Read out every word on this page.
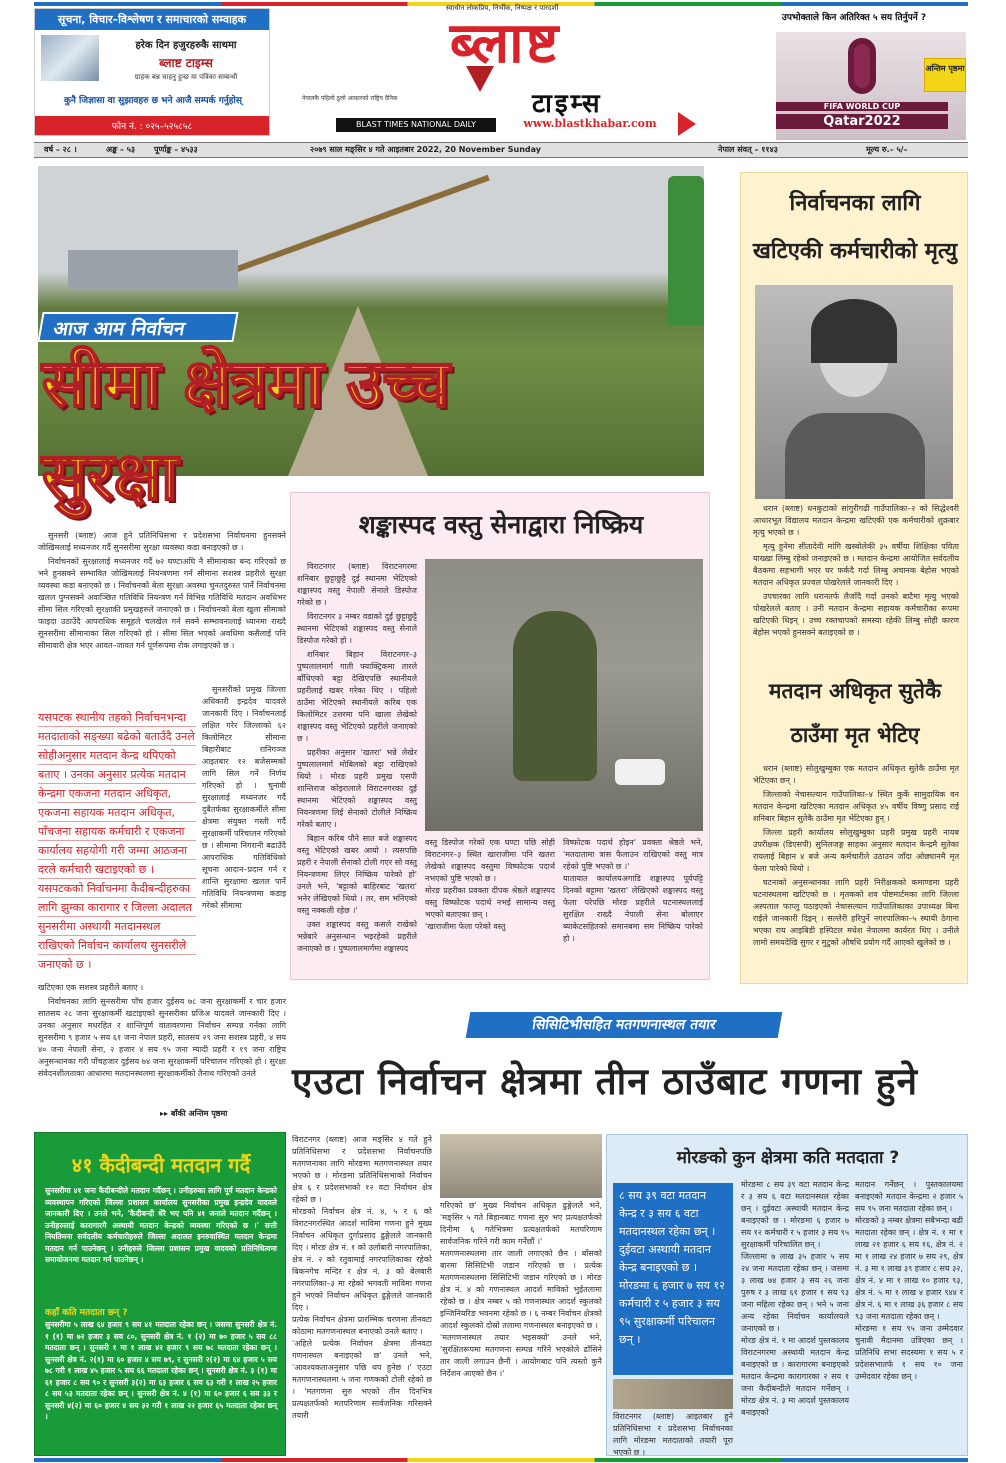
सूचना, विचार–विश्लेषण र समाचारको सम्वाहक
हरेक दिन हजुरहरुकै साथमा
ब्लाष्ट टाइम्स
ग्राहक बन्न चाहनु हुन्छ या पत्रिका सम्बन्धी
कुनै जिज्ञासा वा सुझावहरु छ भने आजै सम्पर्क गर्नुहोस्
फोन नं. : ०२५–५२५८५८
स्वाधीन लोकप्रिय, निर्भीक, निष्पक्ष र पारदर्शी
ब्लाष्ट
नेपालकै पहिलो ठूलो आकारको राष्ट्रिय दैनिक	टाइम्स
BLAST TIMES NATIONAL DAILY	www.blastkhabar.com
उपभोक्ताले किन अतिरिक्त ५ सय तिर्नुपर्ने ?
FIFA WORLD CUP
Qatar2022
अन्तिम पृष्ठमा
वर्ष – २८ ।	अङ्क – ५३ पूर्णाङ्क – ४५३३	२०७९ साल मङ्सिर ४ गते आइतबार 2022, 20 November Sunday	नेपाल संवत् – ११४३	मूल्य रु.– ५/–
आज आम निर्वाचन
सीमा क्षेत्रमा उच्च
सुरक्षा

सुनसरी (ब्लाष्ट) आज हुने प्रतिनिधिसभा र प्रदेशसभा निर्वाचनमा हुनसक्ने जोखिमलाई मध्यनजर गर्दै सुनसरीमा सुरक्षा व्यवस्था कडा बनाइएको छ ।

निर्वाचनको सुरक्षालाई मध्यनजर गर्दै ७२ घण्टाअघि नै सीमानाका बन्द गरिएको छ भने हुनसक्ने सम्भावित जोखिमलाई नियन्त्रणमा गर्न सीमाना सशस्त्र प्रहरीले सुरक्षा व्यवस्था कडा बनाएको छ । निर्वाचनको बेला सुरक्षा अवस्था चुनतदुरुस्त पार्ने निर्वाचनमा खलल पुग्नसक्ने अवाञ्छित गतिविधि नियन्त्रण गर्न विभिन्न गतिविधि मतदान अवधिभर सीमा सिल गरिएको सुरक्षाकी प्रमुखहरुले जनाएको छ । निर्वाचनको बेला खुला सीमाको फाइदा उठाउँदै आपराधिक समूहले चलखेल गर्न सक्ने सम्भावनालाई ध्यानमा राख्दै सुनसरीमा सीमानाका सिल गरिएको हो । सीमा सिल भएको अवधिमा कसैलाई पनि सीमावारी क्षेत्र भएर आवत–जावत गर्न पूर्णरूपमा रोक लगाइएको छ ।

सुनसरीको प्रमुख जिल्ला अधिकारी इन्द्रदेव यादवले जानकारी दिए । निर्वाचनलाई लक्षित गरेर जिल्लाको ६२ किलोमिटर सीमाना बिहारीबाट रानिगञ्ज आइतबार १२ बजेसम्मको लागि सिल गर्ने निर्णय गरिएको हो । चुनावी सुरक्षालाई मध्यनजर गर्दै दुबैतर्फका सुरक्षाकर्मीले सीमा क्षेत्रमा संयुक्त गस्ती गर्दै सुरक्षाकर्मी परिचालन गरिएको छ । सीमामा निगरानी बढाउँदै आपराधिक गतिविधिको सूचना आदान–प्रदान गर्न र शान्ति सुरक्षामा खलल पार्ने गतिविधि नियन्त्रणमा कडाइ गरेको सीमामा

यसपटक स्थानीय तहको निर्वाचनभन्दा मतदाताको सङ्ख्या बढेको बताउँदै उनले सोहीअनुसार मतदान केन्द्र थपिएको बताए । उनका अनुसार प्रत्येक मतदान केन्द्रमा एकजना मतदान अधिकृत, एकजना सहायक मतदान अधिकृत, पाँचजना सहायक कर्मचारी र एकजना कार्यालय सहयोगी गरी जम्मा आठजना दरले कर्मचारी खटाइएको छ । यसपटकको निर्वाचनमा कैदीबन्दीहरुका लागि झुम्का कारागार र जिल्ला अदालत सुनसरीमा अस्थायी मतदानस्थल राखिएको निर्वाचन कार्यालय सुनसरीले जनाएको छ ।

खटिएका एक सशस्त्र प्रहरीले बताए ।

निर्वाचनका लागि सुनसरीमा पाँच हजार दुईसय ७८ जना सुरक्षाकर्मी र चार हजार सातसय २८ जना सुरक्षाकर्मी खटाइएको सुनसरीका प्रजिअ यादवले जानकारी दिए । उनका अनुसार मधरहित र शान्तिपूर्ण वातावरणमा निर्वाचन सम्पन्न गर्नका लागि सुनसरीमा ९ हजार ५ सय ६१ जना नेपाल प्रहरी, सातसय २९ जना सशस्त्र प्रहरी, ४ सय ४० जना नेपाली सेना, २ हजार ४ सय ९५ जना म्यादी प्रहरी र १९ जना राष्ट्रिय अनुसन्धानका गरी पाँचहजार दुईसय ७४ जना सुरक्षाकर्मी परिचालन गरिएको हो । सुरक्षा संवेदनशीलताका आधारमा मतदानस्थलमा सुरक्षाकर्मीको तैनाथ गरिएको उनले

▸▸ बाँकी अन्तिम पृष्ठमा
शङ्कास्पद वस्तु सेनाद्वारा निष्क्रिय

विराटनगर (ब्लाष्ट) विराटनगरमा शनिबार छुट्टाछुट्टै दुई स्थानमा भेटिएको शङ्कास्पद वस्तु नेपाली सेनाले डिस्पोज गरेको छ ।

विराटनगर ३ नम्बर वडाको दुई छुट्टाछुट्टै स्थानमा भेटिएको शङ्कास्पद वस्तु सेनाले डिस्पोज गरेको हो ।

शनिबार बिहान विराटनगर–३ पुष्पलालमार्ग गाती फ्याक्ट्रिकमा तारले बाँधिएको बट्टा देखिएपछि स्थानीयले प्रहरीलाई खबर गरेका थिए । पहिलो ठाउँमा भेटिएको स्थानीयले करिब एक किलोमिटर उत्तरमा पनि खाला लेखेको शङ्कास्पद वस्तु भेटिएको प्रहरीले जनाएको छ ।

प्रहरीका अनुसार 'खतरा' भन्ने लेखेर पुष्पलालमार्ग मोबिलको बट्टा राखिएको थियो । मोरङ प्रहरी प्रमुख एसपी शान्तिराज कोइरालाले विराटनगरका दुई स्थानमा भेटिएको शङ्कास्पद वस्तु नियन्त्रणमा लिई सेनाको टोलीले निष्क्रिय गरेको बताए ।

बिहान करिब पौने सात बजे शङ्कास्पद वस्तु भेटिएको खबर आयो । त्यसपछि प्रहरी र नेपाली सेनाको टोली गएर सो वस्तु नियन्त्रणमा लिएर निष्क्रिय पारेको हो' उनले भने, 'बट्टाको बाहिरबाट 'खतरा' भनेर लेखिएको थियो । तर, सम भनिएको वस्तु नक्कली रहेछ ।'

उक्त शङ्कास्पद वस्तु कसले राखेको भन्नेबारे अनुसन्धान भइरहेको प्रहरीले जनाएको छ । पुष्पलालमार्गमा शङ्कास्पद

वस्तु डिस्पोज गरेको एक घण्टा पछि सोही विराटनगर–३ स्थित खाराजीमा पनि खतरा लेखेको शङ्कास्पद वस्तुमा विष्फोटक पदार्थ नभएको पुष्टि भएको छ ।
मोरङ प्रहरीका प्रवक्ता दीपक श्रेष्ठले शङ्कास्पद वस्तु विष्फोटक पदार्थ नभई सामान्य वस्तु भएको बताएका छन् ।
'खाराजीमा फेला परेको वस्तु
विष्फोटक पदार्थ होइन' प्रवक्ता श्रेष्ठले भने, 'मतदातामा त्रास फैलाउन राखिएको वस्तु मात्र रहेको पुष्टि भएको छ ।'
यातायात कार्यालयअगाडि शङ्कास्पद पूर्वपट्टि दिनको बट्टामा 'खतरा' लेखिएको शङ्कास्पद वस्तु फेला परेपछि मोरङ प्रहरीले घटनास्थललाई सुरक्षित राख्दै नेपाली सेना बोलाएर ब्याकेटसहितको समानबमा सम निष्क्रिय पारेको हो ।
निर्वाचनका लागि
खटिएकी कर्मचारीको मृत्यु

धरान (ब्लाष्ट) धनकुटाको सांगुरीगढी गाउँपालिका–२ को सिद्धेश्वरी आधारभूत विद्यालय मतदान केन्द्रमा खटिएकी एक कर्मचारीको शुक्रबार मृत्यु भएको छ ।

मृत्यु हुनेमा सीतादेवी मांगि खस्बोलेकी ३५ वर्षीया शिक्षिका पविता याख्खा लिम्बु रहेको जनाइएको छ । मतदान केन्द्रमा आयोजित सर्वदलीय बैठकमा सहभागी भएर घर फर्कदै गर्दा लिम्बु अचानक बेहोस भएको मतदान अधिकृत प्रज्वल पोखरेलले जानकारी दिए ।

उपचारका लागि धरानतर्फ लैजाँदै गर्दा उनको बाटैमा मृत्यु भएको पोखरेलले बताए । उनी मतदान केन्द्रमा सहायक कर्मचारीका रूपमा खटिएकी थिइन् । उच्च रक्तचापको समस्या रहेकी लिम्बु सोही कारण बेहोस भएको हुनसक्ने बताइएको छ ।

मतदान अधिकृत सुतेकै
ठाउँमा मृत भेटिए

धरान (ब्लाष्ट) सोलुखुम्बुका एक मतदान अधिकृत सुतेकै ठाउँमा मृत भेटिएका छन् ।

जिल्लाको नेचासल्यान गाउँपालिका–४ स्थित कुर्के सामुदायिक वन मतदान केन्द्रमा खटिएका मतदान अधिकृत ४५ वर्षीय विष्णु प्रसाद राई शनिबार बिहान सुतेकै ठाउँमा मृत भेटिएका हुन् ।

जिल्ला प्रहरी कार्यालय सोलुखुम्बुका प्रहरी प्रमुख प्रहरी नायब उपरीक्षक (डिएसपी) सुनिलजङ्ग साहका अनुसार मतदान केन्द्रमै सुतेका रायलाई बिहान ४ बजे अन्य कर्मचारीले उठाउन जाँदा ओछ्यानमै मृत फेला पारेको थियो ।

घटनाको अनुसन्धानका लागि प्रहरी निरीक्षकको कमाण्डमा प्रहरी घटनास्थलमा खटिएको छ । मृतकको शव पोष्टमार्टमका लागि जिल्ला अस्पताल फाप्लु पठाइएको नेचासल्यान गाउँपालिकाका उपाध्यक्ष बिना राईले जानकारी दिइन् । सल्लेरी हरिपुर्ने नगरपालिका–५ स्थायी ठेगाना भएका राय आइबिडी हस्पिटल मधेश नेपालमा कार्यरत थिए । उनीले लामो समयदेखि सुगर र मुटुको औषधि प्रयोग गर्दै आएको खुलेको छ ।

सिसिटिभीसहित मतगणनास्थल तयार
एउटा निर्वाचन क्षेत्रमा तीन ठाउँबाट गणना हुने
विराटनगर (ब्लाष्ट) आज मङ्सिर ४ गते हुने प्रतिनिधिसभा र प्रदेशसभा निर्वाचनपछि मतगणनाका लागि मोरङमा मतगणनास्थल तयार भएको छ । मोरङमा प्रतिनिधिसभाको निर्वाचन क्षेत्र ६ र प्रदेशसभाको १२ वटा निर्वाचन क्षेत्र रहेको छ ।
मोरङको निर्वाचन क्षेत्र नं. ४, ५ र ६ को विराटनगरस्थित आदर्श माविमा गणना हुने मुख्य निर्वाचन अधिकृत दुर्गाप्रसाद ढुङ्गेलले जानकारी दिए । मोरङ क्षेत्र नं. १ को उर्लाबारी नगरपालिका, क्षेत्र नं. २ को रतुवामाई नगरपालिकाका रहेको बिकनगेच मन्दिर र क्षेत्र नं. ३ को बेलबारी नगरपालिका–३ मा रहेको भगवती माविमा गणना हुने भएको निर्वाचन अधिकृत ढुङ्गेलले जानकारी दिए ।
प्रत्येक निर्वाचन क्षेत्रमा प्रारम्भिक चरणमा तीनवटा कोठामा मतगणनास्थल बनाएको उनले बताए ।
'अहिले प्रत्येक निर्वाचन क्षेत्रमा तीनवटा गणनास्थल बनाइएको छ' उनले भने, 'आवश्यकताअनुसार पछि थप हुनेछ ।' एउटा मतगणनास्थलमा ५ जना गणकको टोली रहेको छ । 'मतगणना सुरु भएको तीन दिनभित्र प्रत्यक्षतर्फको मतपरिणाम सार्वजनिक गरिसक्ने तयारी
गरिएको छ' मुख्य निर्वाचन अधिकृत ढुङ्गेलले भने, 'मङ्सिर ५ गते बिहानबाट गणना सुरु भए प्रत्यक्षतर्फको दिनीमा ६ गतेभित्रमा प्रत्यक्षतर्फको मतपरिणाम सार्वजनिक गरिने गरी काम गर्नेछौं ।'
मतगणनास्थलमा तार जाली लगाएको छैन । बाँसको बारमा सिसिटिभी जडान गरिएको छ । प्रत्येक मतगणनास्थलमा सिसिटिभी जडान गरिएको छ । मोरङ क्षेत्र नं. ४ को गणनास्थल आदर्श माविको भुईतलामा रहेको छ । क्षेत्र नम्बर ५ को गणनास्थल आदर्श स्कुलको इन्जिनियरिङ भवनमा रहेको छ । ६ नम्बर निर्वाचन क्षेत्रको आदर्श स्कुलको दोस्रो तलामा गणनास्थल बनाइएको छ ।
'मतगणनास्थल तयार भइसक्यो' उनले भने, 'सुरक्षितरूपमा मतगणना सम्पन्न गरिने भएकोले ढाँसिने तार जाली लगाउन छैनौं । आयोगबाट पनि त्यस्तो कुनै निर्देशन आएको छैन ।'
मोरङको कुन क्षेत्रमा कति मतदाता ?
८ सय ३९ वटा मतदान केन्द्र र ३ सय ६ वटा मतदानस्थल रहेका छन् । दुईवटा अस्थायी मतदान केन्द्र बनाइएको छ । मोरङमा ६ हजार ७ सय १२ कर्मचारी र ५ हजार ३ सय ९५ सुरक्षाकर्मी परिचालन छन् ।
विराटनगर (ब्लाष्ट) आइतबार हुने प्रतिनिधिसभा र प्रदेशसभा निर्वाचनका लागि मोरङमा मतदाताको तयारी पूरा भएको छ ।
मोरङमा ८ सय ३९ वटा मतदान केन्द्र र ३ सय ६ वटा मतदानस्थल रहेका छन् । दुईवटा अस्थायी मतदान केन्द्र बनाइएको छ । मोरङमा ६ हजार ७ सय १२ कर्मचारी र ५ हजार ३ सय ९५ सुरक्षाकर्मी परिचालित छन् ।
जिल्लामा ७ लाख ३५ हजार ५ सय २४ जना मतदाता रहेका छन् । जसमा ३ लाख ७४ हजार ३ सय २६ जना पुरुष र ३ लाख ६१ हजार १ सय ९३ जना महिला रहेका छन् । भने ५ जना अन्य रहेका निर्वाचन कार्यालयले जनाएको छ ।
मोरङ क्षेत्र नं. १ मा आदर्श पुस्तकालय विराटनगरमा अस्थायी मतदान केन्द्र बनाइएको छ । कारागारमा बनाइएको मतदान केन्द्रमा कारागारका २ सय १ जना कैदीबन्दीले मतदान गर्नेछन् । मोरङ क्षेत्र नं. ३ मा आदर्श पुस्तकालय बनाइएको
मतदान गर्नेछन् । पुस्तकालयमा बनाइएको मतदान केन्द्रमा २ हजार ५ सय ९५ जना मतदाता रहेका छन् ।
मोरङको ३ नम्बर क्षेत्रमा सबैभन्दा बढी मतदाता रहेका छन् । क्षेत्र नं. १ मा १ लाख २१ हजार ६ सय १६, क्षेत्र नं. २ मा १ लाख २४ हजार ७ सय २९, क्षेत्र नं. ३ मा १ लाख ३९ हजार ८ सय ३२, क्षेत्र नं. ४ मा १ लाख १० हजार ९३, क्षेत्र नं. ५ मा १ लाख ४ हजार ९४४ र क्षेत्र नं. ६ मा १ लाख ३६ हजार ८ सय ९३ जना मतदाता रहेका छन् ।
मोरङमा १ सय ९५ जना उम्मेदवार चुनावी मैदानमा उत्रिएका छन् । प्रतिनिधि सभा सदस्यमा १ सय ५ र प्रदेशसभातर्फ १ सय १० जना उम्मेदवार रहेका छन् ।
४१ कैदीबन्दी मतदान गर्दै
सुनसरीमा ४१ जना कैदीबन्दीले मतदान गर्दैछन् । उनीहरुका लागि पूर्व मतदान केन्द्रको व्यवस्थापन गरिएको जिल्ला प्रशासन कार्यालय सुनसरीका प्रमुख इन्द्रदेव यादवले जानकारी दिए । उनले भने, 'कैदीबन्दी धेरै भए पनि ४१ जनाले मतदान गर्दैछन् । उनीहरुलाई कारागारमै अस्थायी मतदान केन्द्रको व्यवस्था गरिएको छ ।' सत्ती नियतिमना सर्वदलीय कर्मचारीहरुले जिल्ला अदालत इनरुवास्थित मतदान केन्द्रमा मतदान गर्न पाउनेछन् । उनीहरुले जिल्ला प्रशासन प्रमुख यादवको प्रतिनिधित्वमा समायोजनमा मतदान गर्न पाउनेछन् ।
कहाँ कति मतदाता छन् ?
सुनसरीमा ५ लाख ६४ हजार ९ सय ४१ मतदाता रहेका छन् । जसमा सुनसरी क्षेत्र नं. १ (१) मा ७२ हजार ३ सय ८०, सुनसरी क्षेत्र नं. १ (२) मा ७० हजार ५ सय ८८ मतदाता छन् । सुनसरी १ मा १ लाख ४२ हजार ९ सय ७८ मतदाता रहेका छन् । सुनसरी क्षेत्र नं. २(१) मा ६० हजार ४ सय ७९, र सुनसरी २(२) मा ६४ हजार ५ सय ७८ गरी १ लाख ४५ हजार ५ सय ६६ मतदाता रहेका छन् । सुनसरी क्षेत्र नं. ३ (१) मा ६१ हजार ८ सय ९० र सुनसरी ३(२) मा ६३ हजार ६ सय ६३ गरी १ लाख २५ हजार ८ सय ५३ मतदाता रहेका छन् । सुनसरी क्षेत्र नं. ४ (१) मा ६० हजार ६ सय ३३ र सुनसरी ४(२) मा ६० हजार ४ सय ३२ गरी १ लाख २२ हजार ६५ मतदाता रहेका छन् ।
